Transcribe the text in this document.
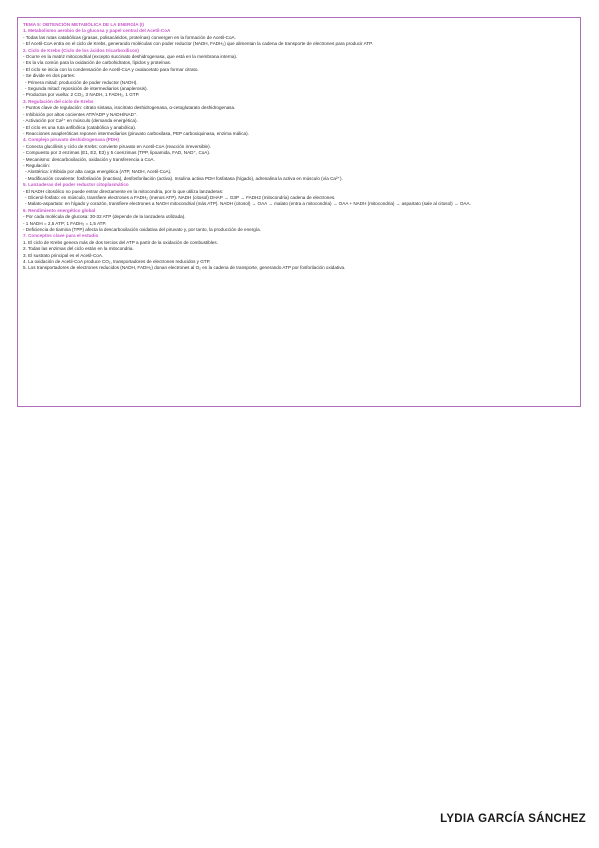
TEMA 5: OBTENCIÓN METABÓLICA DE LA ENERGÍA (I)
1. Metabolismo aerobio de la glucosa y papel central del Acetil-CoA
- Todas las rutas catabólicas (grasas, polisacáridos, proteínas) convergen en la formación de Acetil-CoA.
- El Acetil-CoA entra en el ciclo de Krebs, generando moléculas con poder reductor (NADH, FADH₂) que alimentan la cadena de transporte de electrones para producir ATP.
2. Ciclo de Krebs (Ciclo de los ácidos tricarboxílicos)
- Ocurre en la matriz mitocondrial (excepto succinato deshidrogenasa, que está en la membrana interna).
- Es la vía común para la oxidación de carbohidratos, lípidos y proteínas.
- El ciclo se inicia con la condensación de Acetil-CoA y oxalacetato para formar citrato.
- Se divide en dos partes:
- Primera mitad: producción de poder reductor (NADH).
- Segunda mitad: reposición de intermediarios (anaplerosis).
- Productos por vuelta: 2 CO₂, 3 NADH, 1 FADH₂, 1 GTP.
3. Regulación del ciclo de Krebs
- Puntos clave de regulación: citrato sintasa, isocitrato deshidrogenasa, α-cetoglutarato deshidrogenasa.
- Inhibición por altos cocientes ATP/ADP y NADH/NAD⁺.
- Activación por Ca²⁺ en músculo (demanda energética).
- El ciclo es una ruta anfibólica (catabólica y anabólica).
- Reacciones anapleróticas reponen intermediarios (piruvato carboxilasa, PEP carboxiquinasa, enzima málica).
4. Complejo piruvato deshidrogenasa (PDH)
- Conecta glucólisis y ciclo de Krebs: convierte piruvato en Acetil-CoA (reacción irreversible).
- Compuesto por 3 enzimas (E1, E2, E3) y 5 coenzimas (TPP, lipoamida, FAD, NAD⁺, CoA).
- Mecanismo: descarboxilación, oxidación y transferencia a CoA.
- Regulación:
- Alostérica: inhibida por alta carga energética (ATP, NADH, Acetil-CoA).
- Modificación covalente: fosforilación (inactiva), desfosforilación (activa). Insulina activa PDH fosfatasa (hígado), adrenalina la activa en músculo (vía Ca²⁺).
5. Lanzaderas del poder reductor citoplasmático
- El NADH citosólico no puede entrar directamente en la mitocondria, por lo que utiliza lanzaderas:
- Glicerol-fosfato: en músculo, transfiere electrones a FADH₂ (menos ATP). NADH (citosol) DHAP → G3P → FADH2 (mitocondria) cadena de electrones.
- Malato-aspartato: en hígado y corazón, transfiere electrones a NADH mitocondrial (más ATP). NADH (citosol) → OAA → malato (entra a mitocondria) → OAA + NADH (mitocondria) → aspartato (sale al citosol) → OAA.
6. Rendimiento energético global
- Por cada molécula de glucosa: 30-32 ATP (depende de la lanzadera utilizada).
- 1 NADH = 2,5 ATP; 1 FADH₂ = 1,5 ATP.
- Deficiencia de tiamina (TPP) afecta la descarboxilación oxidativa del piruvato y, por tanto, la producción de energía.
7. Conceptos clave para el estudio
1. El ciclo de Krebs genera más de dos tercios del ATP a partir de la oxidación de combustibles.
2. Todas las enzimas del ciclo están en la mitocondria.
3. El sustrato principal es el Acetil-CoA.
4. La oxidación de Acetil-CoA produce CO₂, transportadores de electrones reducidos y GTP.
5. Los transportadores de electrones reducidos (NADH, FADH₂) donan electrones al O₂ en la cadena de transporte, generando ATP por fosforilación oxidativa.
LYDIA GARCÍA SÁNCHEZ
